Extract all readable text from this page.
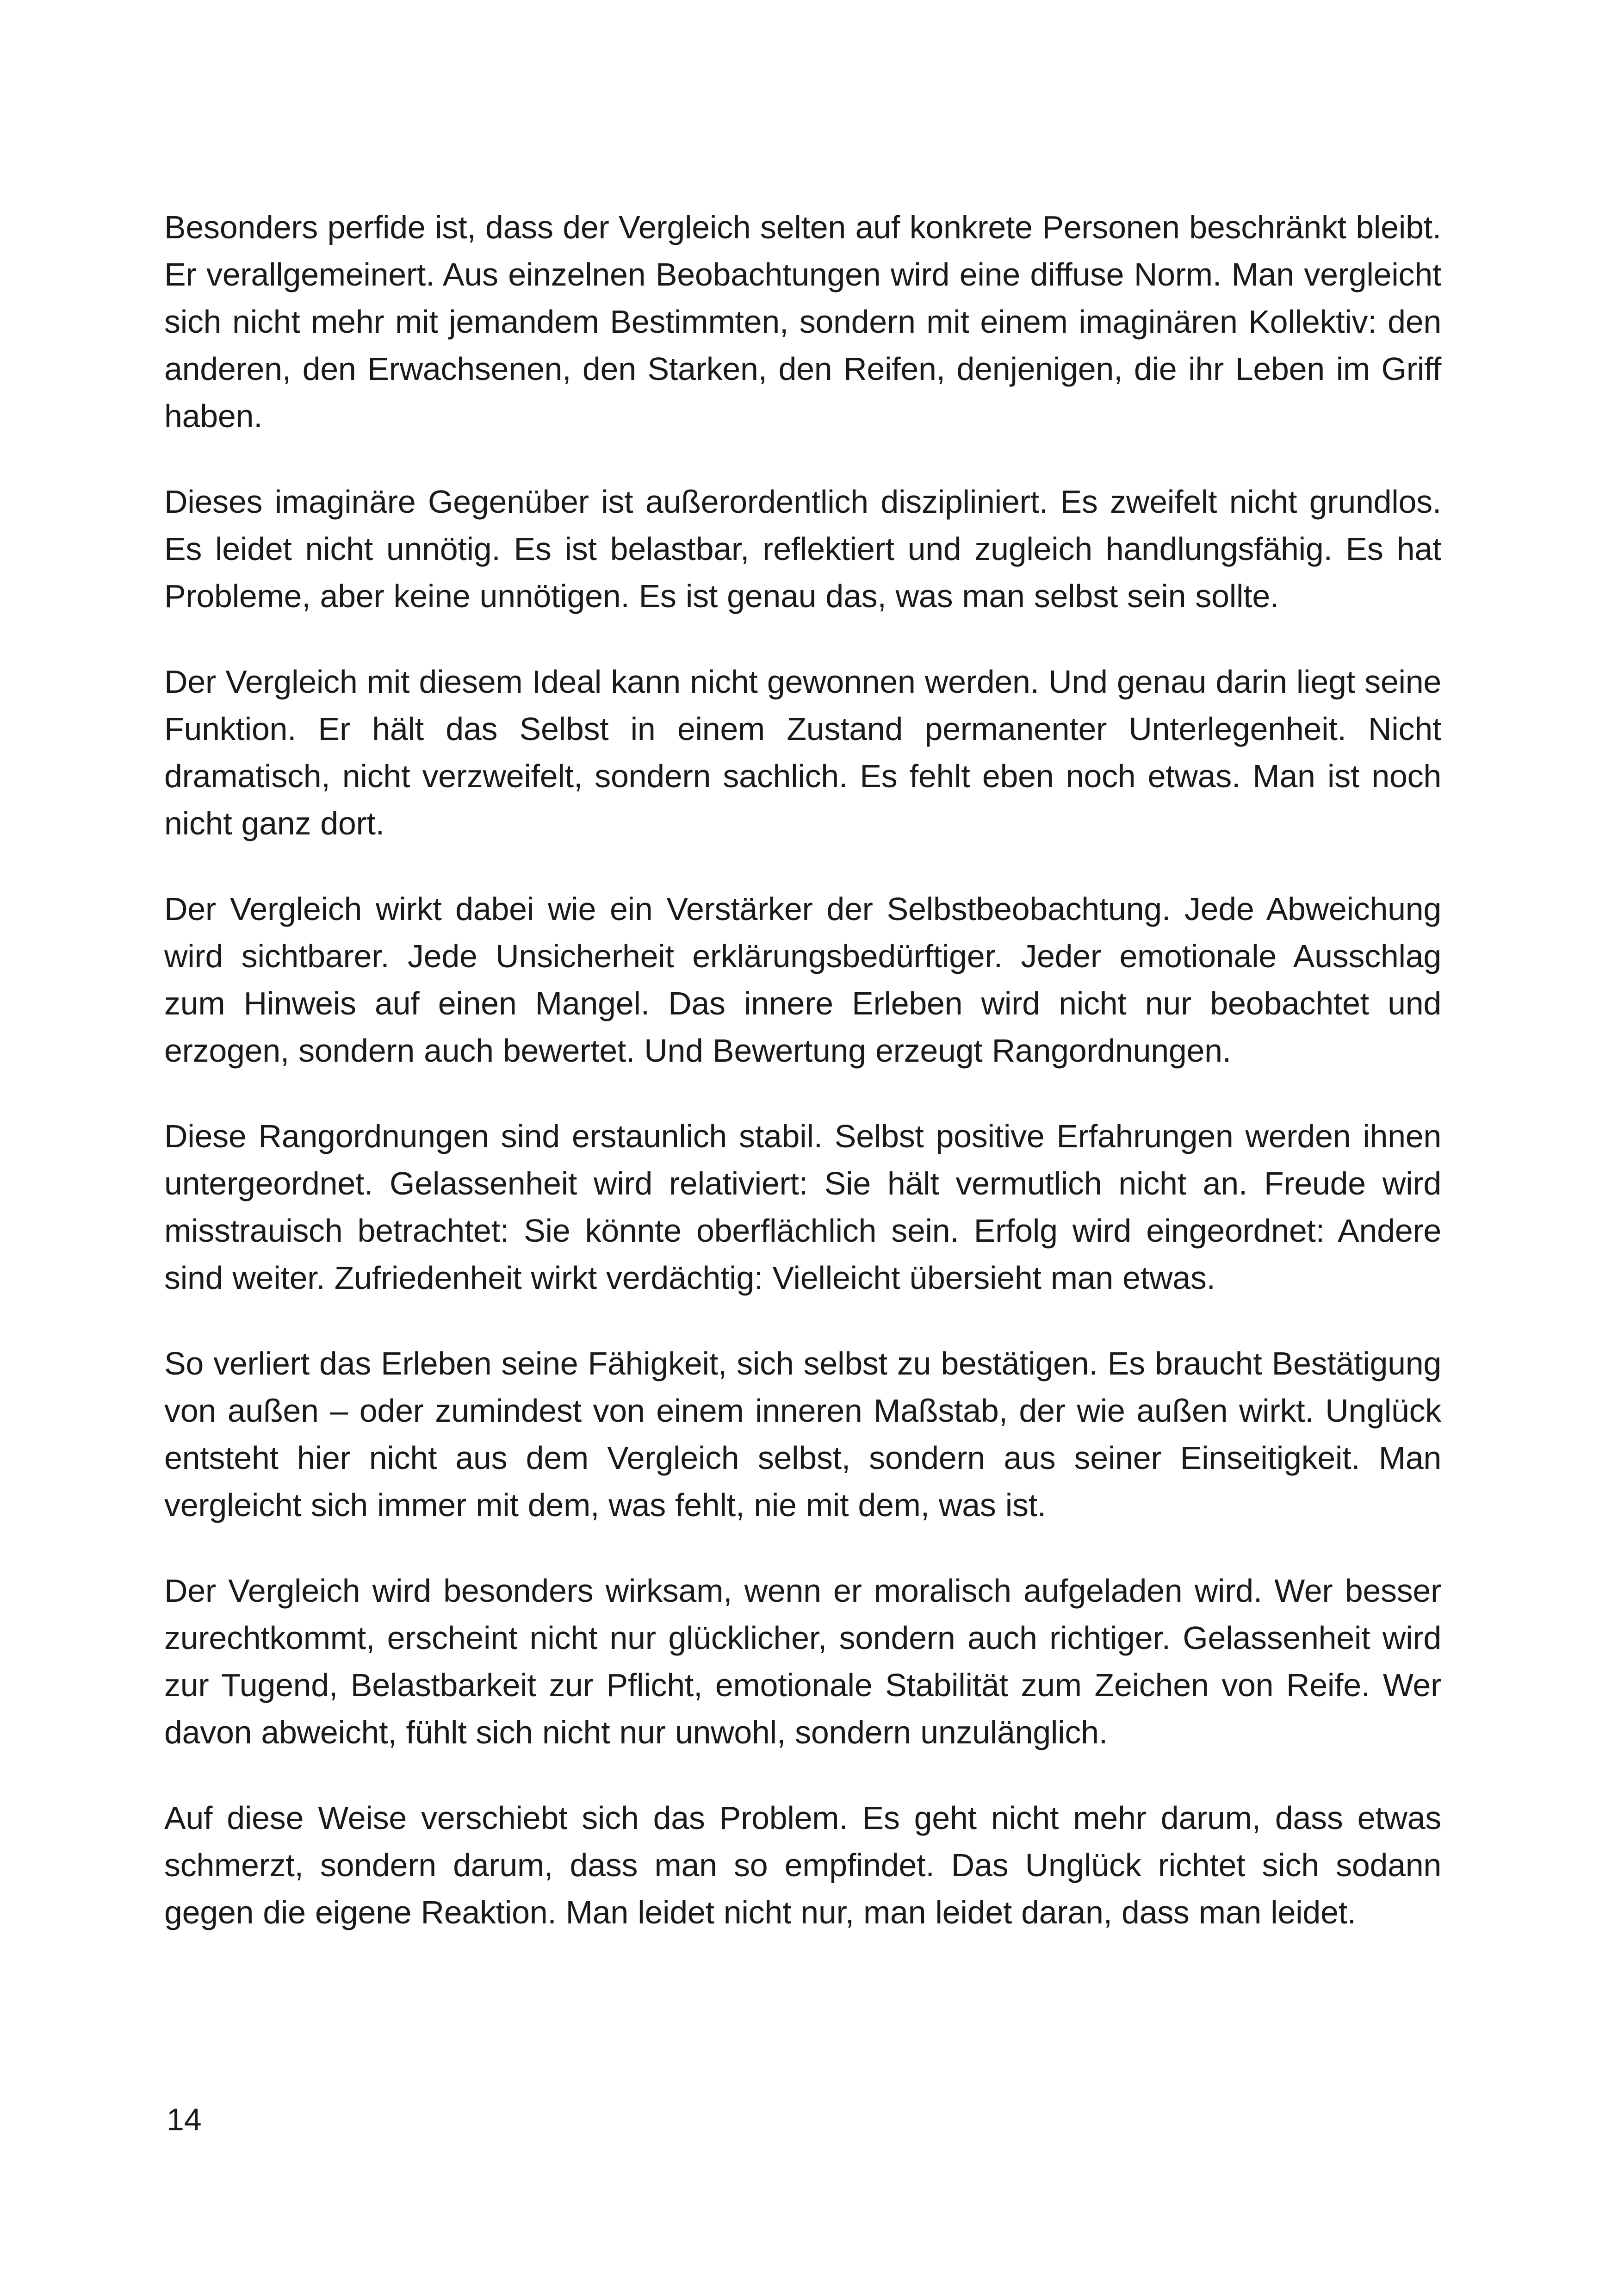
Besonders perfide ist, dass der Vergleich selten auf konkrete Personen beschränkt bleibt. Er verallgemeinert. Aus einzelnen Beobachtungen wird eine diffuse Norm. Man vergleicht sich nicht mehr mit jemandem Bestimmten, sondern mit einem imaginären Kollektiv: den anderen, den Erwachsenen, den Starken, den Reifen, denjenigen, die ihr Leben im Griff haben.

Dieses imaginäre Gegenüber ist außerordentlich diszipliniert. Es zweifelt nicht grundlos. Es leidet nicht unnötig. Es ist belastbar, reflektiert und zugleich handlungsfähig. Es hat Probleme, aber keine unnötigen. Es ist genau das, was man selbst sein sollte.

Der Vergleich mit diesem Ideal kann nicht gewonnen werden. Und genau darin liegt seine Funktion. Er hält das Selbst in einem Zustand permanenter Unterlegenheit. Nicht dramatisch, nicht verzweifelt, sondern sachlich. Es fehlt eben noch etwas. Man ist noch nicht ganz dort.

Der Vergleich wirkt dabei wie ein Verstärker der Selbstbeobachtung. Jede Abweichung wird sichtbarer. Jede Unsicherheit erklärungsbedürftiger. Jeder emotionale Ausschlag zum Hinweis auf einen Mangel. Das innere Erleben wird nicht nur beobachtet und erzogen, sondern auch bewertet. Und Bewertung erzeugt Rangordnungen.

Diese Rangordnungen sind erstaunlich stabil. Selbst positive Erfahrungen werden ihnen untergeordnet. Gelassenheit wird relativiert: Sie hält vermutlich nicht an. Freude wird misstrauisch betrachtet: Sie könnte oberflächlich sein. Erfolg wird eingeordnet: Andere sind weiter. Zufriedenheit wirkt verdächtig: Vielleicht übersieht man etwas.

So verliert das Erleben seine Fähigkeit, sich selbst zu bestätigen. Es braucht Bestätigung von außen – oder zumindest von einem inneren Maßstab, der wie außen wirkt. Unglück entsteht hier nicht aus dem Vergleich selbst, sondern aus seiner Einseitigkeit. Man vergleicht sich immer mit dem, was fehlt, nie mit dem, was ist.

Der Vergleich wird besonders wirksam, wenn er moralisch aufgeladen wird. Wer besser zurechtkommt, erscheint nicht nur glücklicher, sondern auch richtiger. Gelassenheit wird zur Tugend, Belastbarkeit zur Pflicht, emotionale Stabilität zum Zeichen von Reife. Wer davon abweicht, fühlt sich nicht nur unwohl, sondern unzulänglich.

Auf diese Weise verschiebt sich das Problem. Es geht nicht mehr darum, dass etwas schmerzt, sondern darum, dass man so empfindet. Das Unglück richtet sich sodann gegen die eigene Reaktion. Man leidet nicht nur, man leidet daran, dass man leidet.

14
